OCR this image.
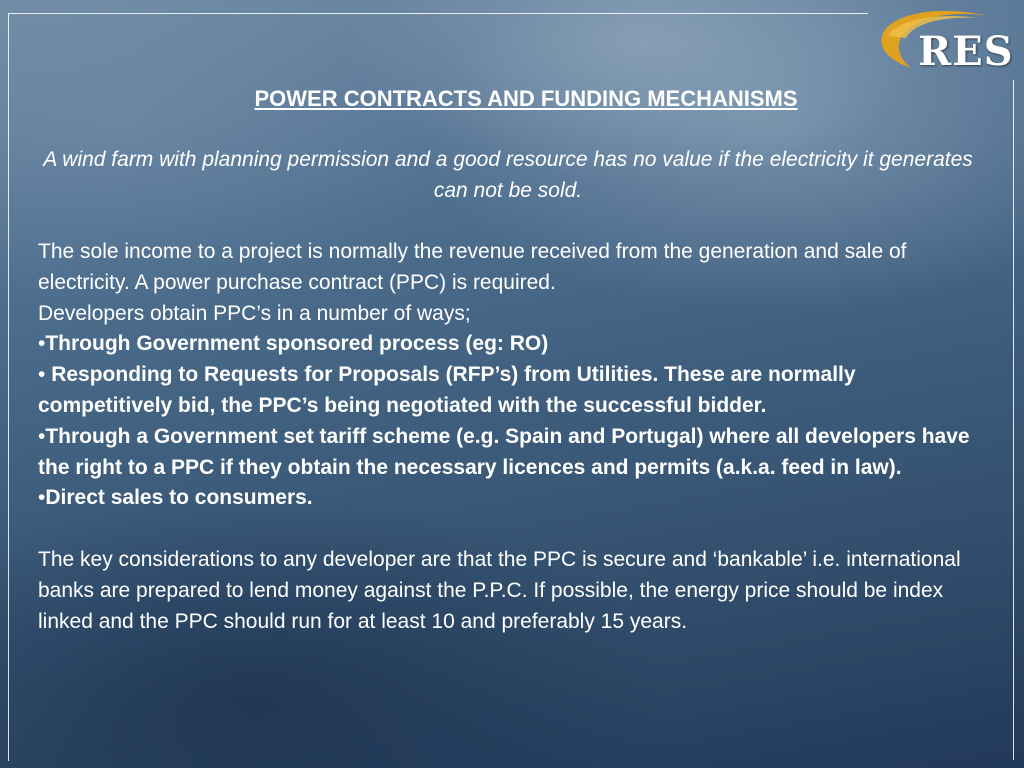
RES
POWER CONTRACTS AND FUNDING MECHANISMS
A wind farm with planning permission and a good resource has no value if the electricity it generates can not be sold.

The sole income to a project is normally the revenue received from the generation and sale of electricity. A power purchase contract (PPC) is required.

Developers obtain PPC’s in a number of ways;

•Through Government sponsored process (eg: RO)

• Responding to Requests for Proposals (RFP’s) from Utilities. These are normally competitively bid, the PPC’s being negotiated with the successful bidder.

•Through a Government set tariff scheme (e.g. Spain and Portugal) where all developers have the right to a PPC if they obtain the necessary licences and permits (a.k.a. feed in law).

•Direct sales to consumers.

The key considerations to any developer are that the PPC is secure and ‘bankable’ i.e. international banks are prepared to lend money against the P.P.C. If possible, the energy price should be index linked and the PPC should run for at least 10 and preferably 15 years.
